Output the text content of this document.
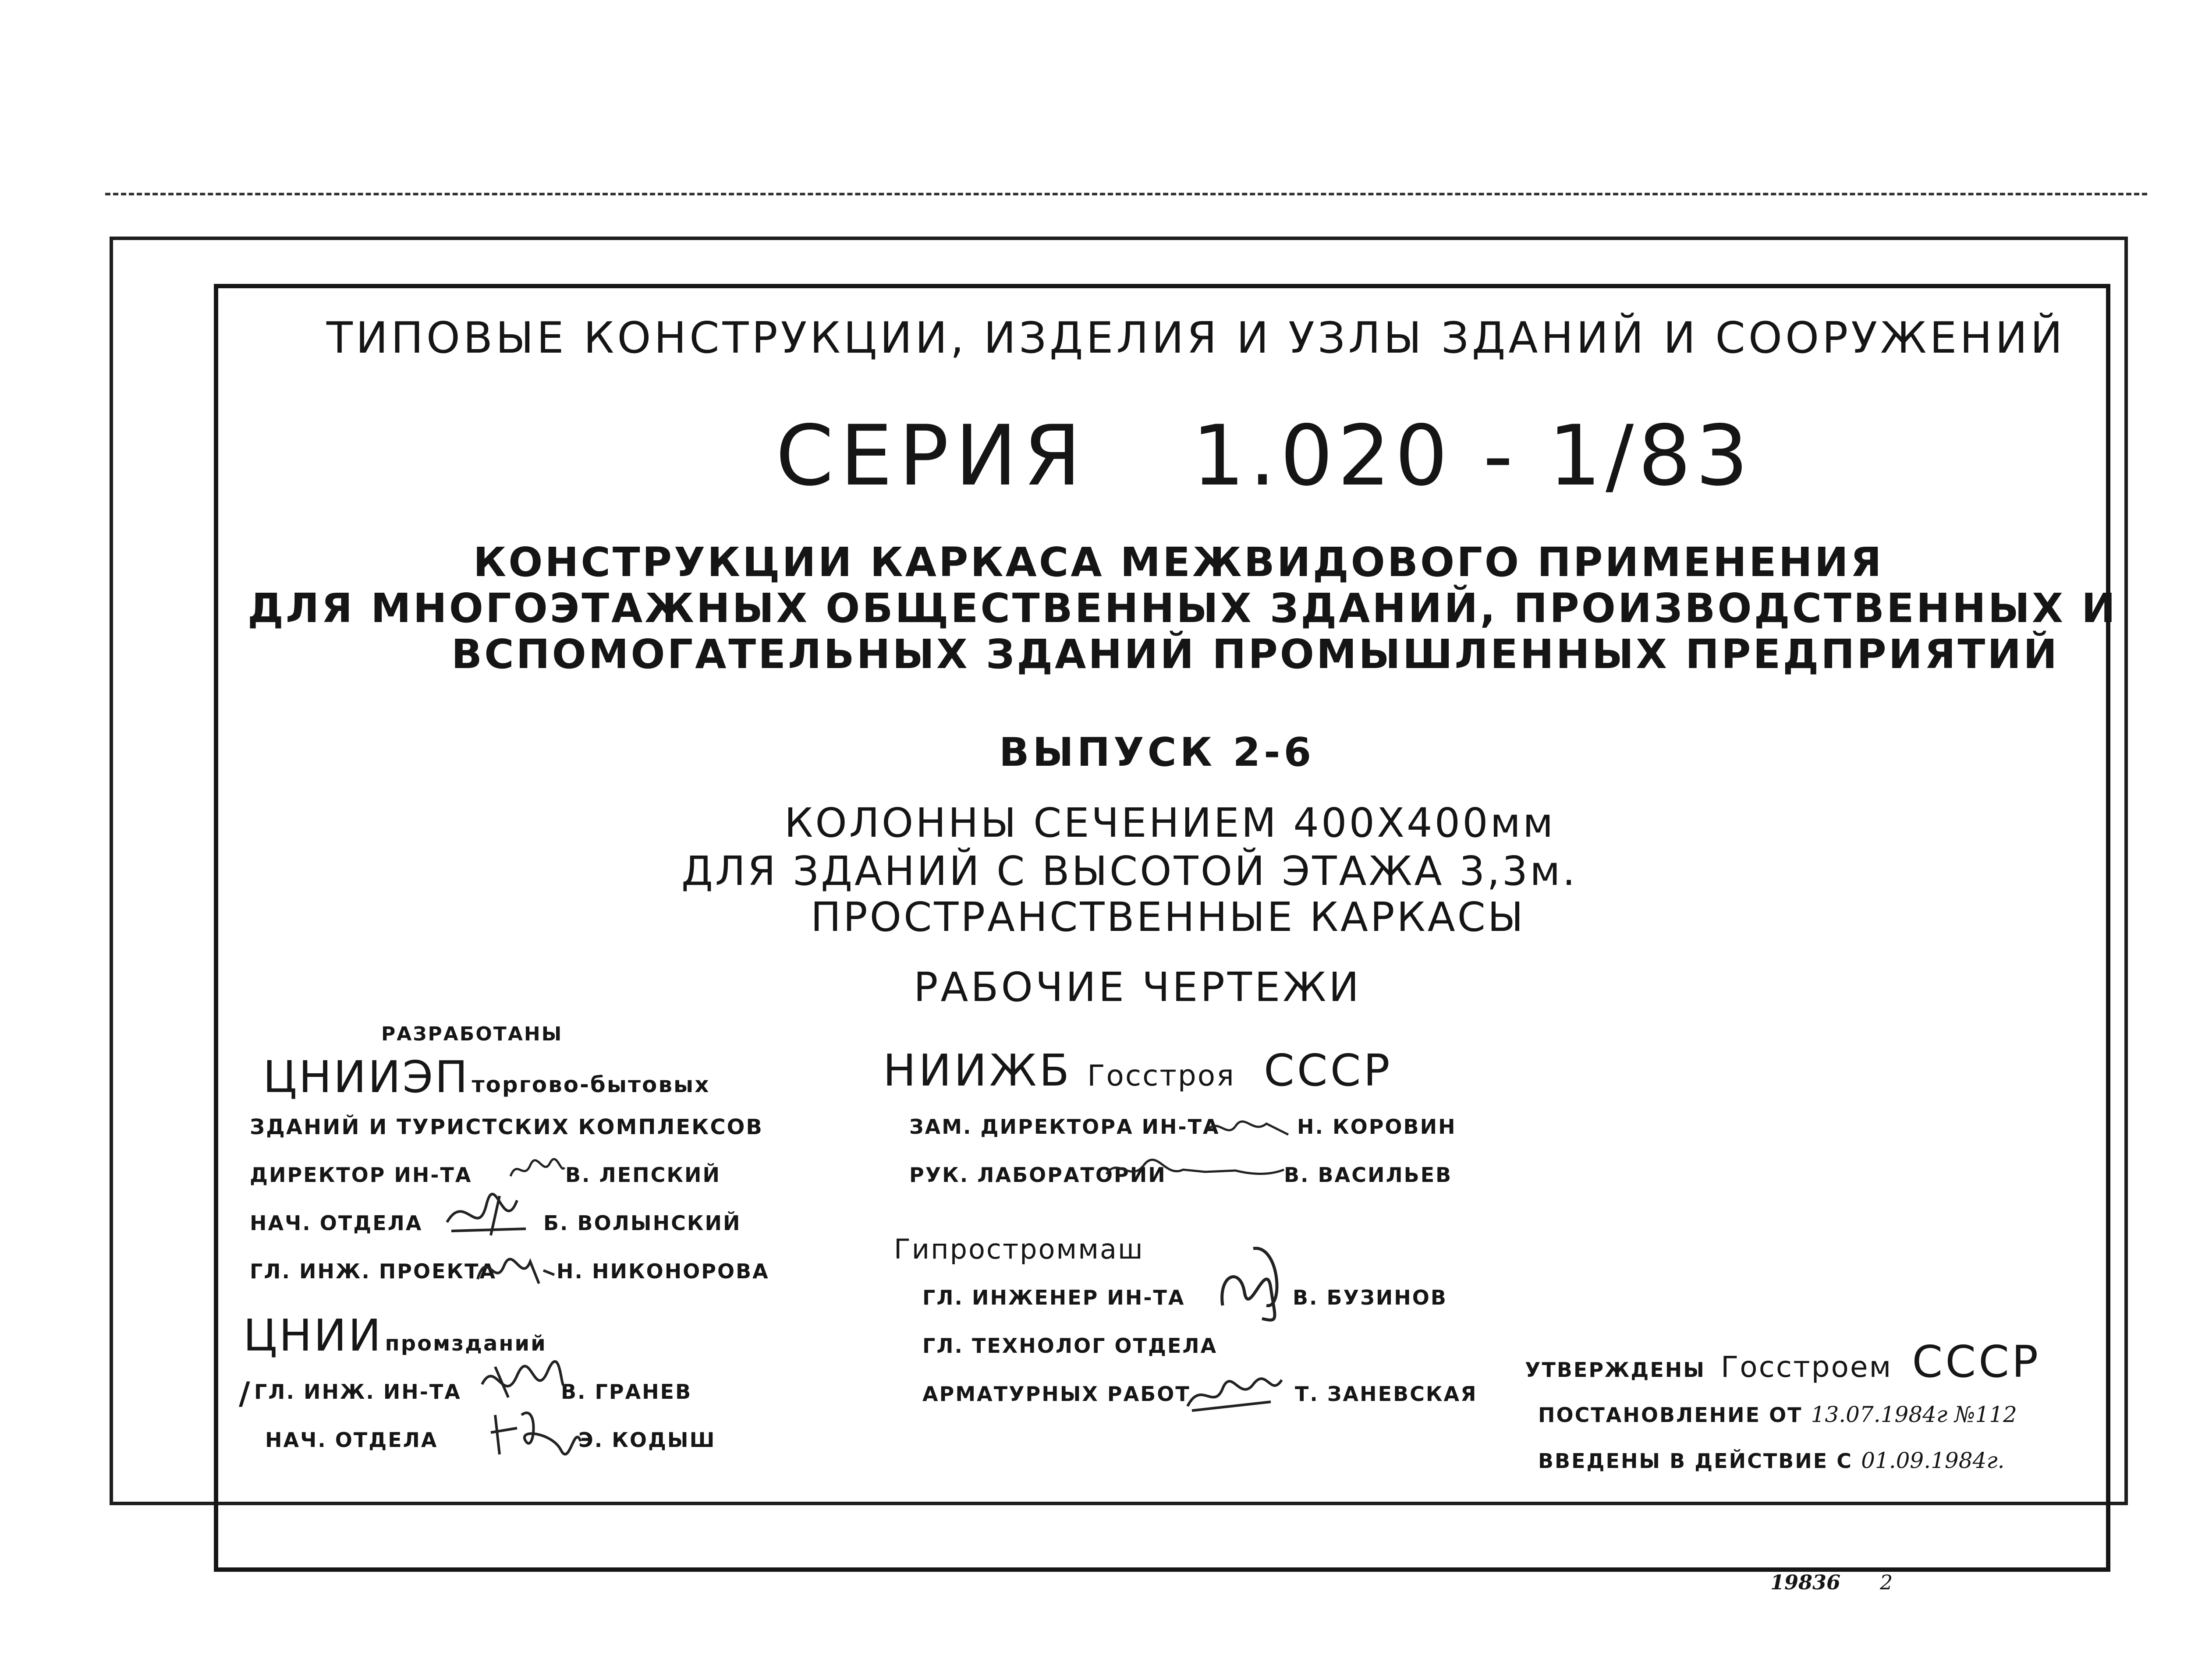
ТИПОВЫЕ КОНСТРУКЦИИ, ИЗДЕЛИЯ И УЗЛЫ ЗДАНИЙ И СООРУЖЕНИЙ
СЕРИЯ 1.020 - 1/83
КОНСТРУКЦИИ КАРКАСА МЕЖВИДОВОГО ПРИМЕНЕНИЯ
ДЛЯ МНОГОЭТАЖНЫХ ОБЩЕСТВЕННЫХ ЗДАНИЙ, ПРОИЗВОДСТВЕННЫХ И
ВСПОМОГАТЕЛЬНЫХ ЗДАНИЙ ПРОМЫШЛЕННЫХ ПРЕДПРИЯТИЙ
ВЫПУСК 2-6
КОЛОННЫ СЕЧЕНИЕМ 400Х400мм
ДЛЯ ЗДАНИЙ С ВЫСОТОЙ ЭТАЖА 3,3м.
ПРОСТРАНСТВЕННЫЕ КАРКАСЫ
РАБОЧИЕ ЧЕРТЕЖИ
РАЗРАБОТАНЫ
ЦНИИЭП торгово-бытовых
ЗДАНИЙ И ТУРИСТСКИХ КОМПЛЕКСОВ
ДИРЕКТОР ИН-ТА	В. ЛЕПСКИЙ
НАЧ. ОТДЕЛА	Б. ВОЛЫНСКИЙ
ГЛ. ИНЖ. ПРОЕКТА	Н. НИКОНОРОВА
ЦНИИ промзданий
/ ГЛ. ИНЖ. ИН-ТА	В. ГРАНЕВ
НАЧ. ОТДЕЛА	Э. КОДЫШ
НИИЖБ Госстроя СССР
ЗАМ. ДИРЕКТОРА ИН-ТА	Н. КОРОВИН
РУК. ЛАБОРАТОРИИ	В. ВАСИЛЬЕВ
Гипростроммаш
ГЛ. ИНЖЕНЕР ИН-ТА	В. БУЗИНОВ
ГЛ. ТЕХНОЛОГ ОТДЕЛА
АРМАТУРНЫХ РАБОТ	Т. ЗАНЕВСКАЯ
УТВЕРЖДЕНЫ Госстроем СССР
ПОСТАНОВЛЕНИЕ ОТ 13.07.1984г №112
ВВЕДЕНЫ В ДЕЙСТВИЕ С 01.09.1984г.
19836 2
